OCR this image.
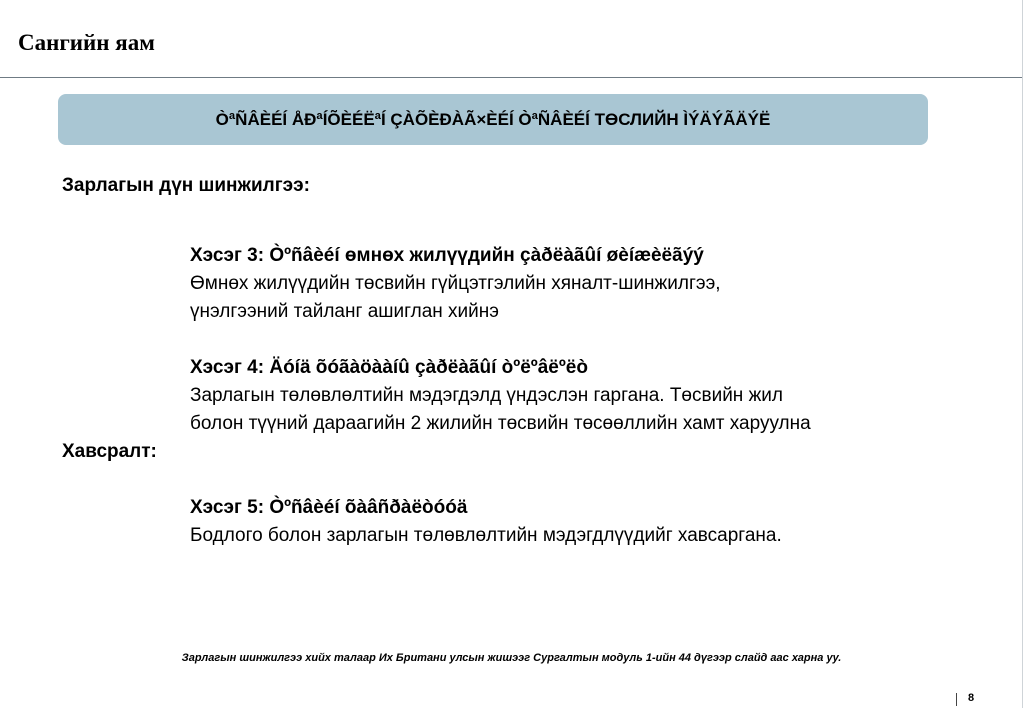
Сангийн яам
ÒªÑÂÈÉÍ ÅÐªÍÕÈÉËªÍ ÇÀÕÈÐÀÃ×ÈÉÍ ÒªÑÂÈÉÍ ТӨСЛИЙН ÌÝÄÝÃÄÝË
Зарлагын дүн шинжилгээ:
Хэсэг 3: Òºñâèéí өмнөх жилүүдийн çàðëàãûí øèíæèëãýý
Өмнөх жилүүдийн төсвийн гүйцэтгэлийн хяналт-шинжилгээ,
үнэлгээний тайланг ашиглан хийнэ
Хэсэг 4: Äóíä õóãàöààíû çàðëàãûí òºëºâëºëò
Зарлагын төлөвлөлтийн мэдэгдэлд үндэслэн гаргана. Төсвийн жил
болон түүний дараагийн 2 жилийн төсвийн төсөөллийн хамт харуулна
Хавсралт:
Хэсэг 5: Òºñâèéí õàâñðàëòóóä
Бодлого болон зарлагын төлөвлөлтийн мэдэгдлүүдийг хавсаргана.
Зарлагын шинжилгээ хийх талаар Их Британи улсын жишээг Сургалтын модуль 1-ийн 44 дүгээр слайд аас харна уу.
8
